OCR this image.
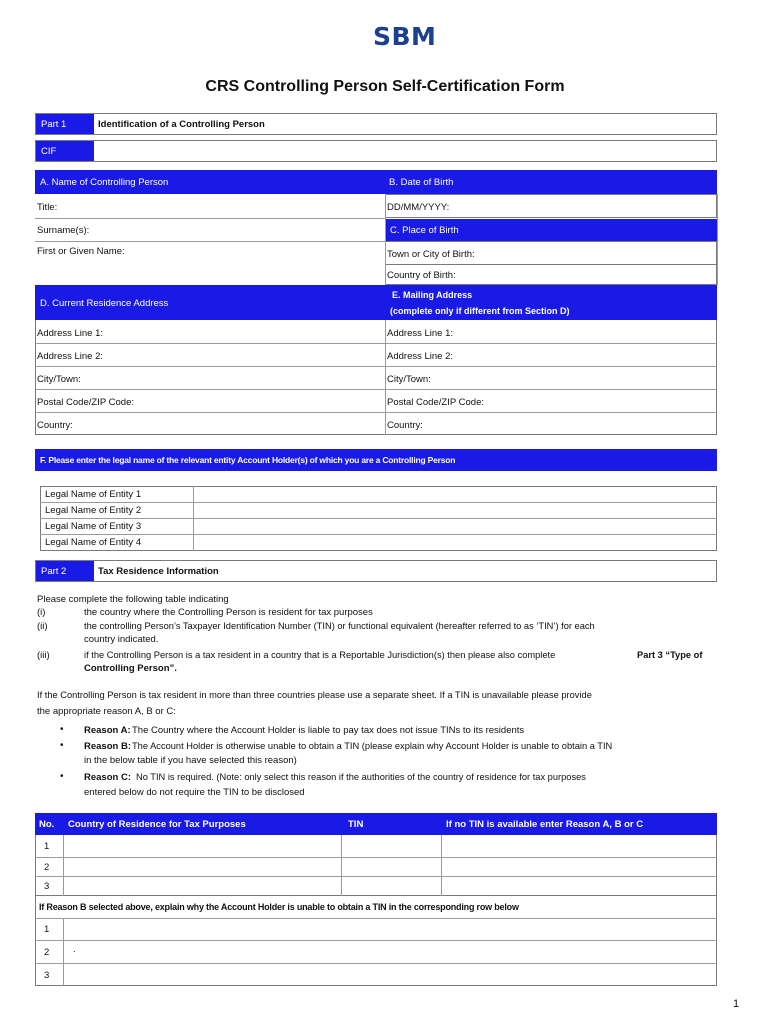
SBM
CRS Controlling Person Self-Certification Form
Part 1	Identification of a Controlling Person
CIF
A. Name of Controlling Person	B. Date of Birth
Title:
Surname(s):
First or Given Name:
DD/MM/YYYY:
C. Place of Birth
Town or City of Birth:
Country of Birth:
D. Current Residence Address
E. Mailing Address
(complete only if different from Section D)
Address Line 1:
Address Line 2:
City/Town:
Postal Code/ZIP Code:
Country:
Address Line 1:
Address Line 2:
City/Town:
Postal Code/ZIP Code:
Country:
F. Please enter the legal name of the relevant entity Account Holder(s) of which you are a Controlling Person
Legal Name of Entity 1
Legal Name of Entity 2
Legal Name of Entity 3
Legal Name of Entity 4
Part 2	Tax Residence Information
Please complete the following table indicating
(i)	the country where the Controlling Person is resident for tax purposes
(ii)	the controlling Person’s Taxpayer Identification Number (TIN) or functional equivalent (hereafter referred to as ‘TIN’) for each
country indicated.
(iii)	if the Controlling Person is a tax resident in a country that is a Reportable Jurisdiction(s) then please also complete	Part 3 “Type of
Controlling Person”.
If the Controlling Person is tax resident in more than three countries please use a separate sheet. If a TIN is unavailable please provide
the appropriate reason A, B or C:
• Reason A: The Country where the Account Holder is liable to pay tax does not issue TINs to its residents
• Reason B: The Account Holder is otherwise unable to obtain a TIN (please explain why Account Holder is unable to obtain a TIN
in the below table if you have selected this reason)
• Reason C: No TIN is required. (Note: only select this reason if the authorities of the country of residence for tax purposes
entered below do not require the TIN to be disclosed
No. Country of Residence for Tax Purposes	TIN	If no TIN is available enter Reason A, B or C
1
2
3
If Reason B selected above, explain why the Account Holder is unable to obtain a TIN in the corresponding row below
1
2
3
.
1
